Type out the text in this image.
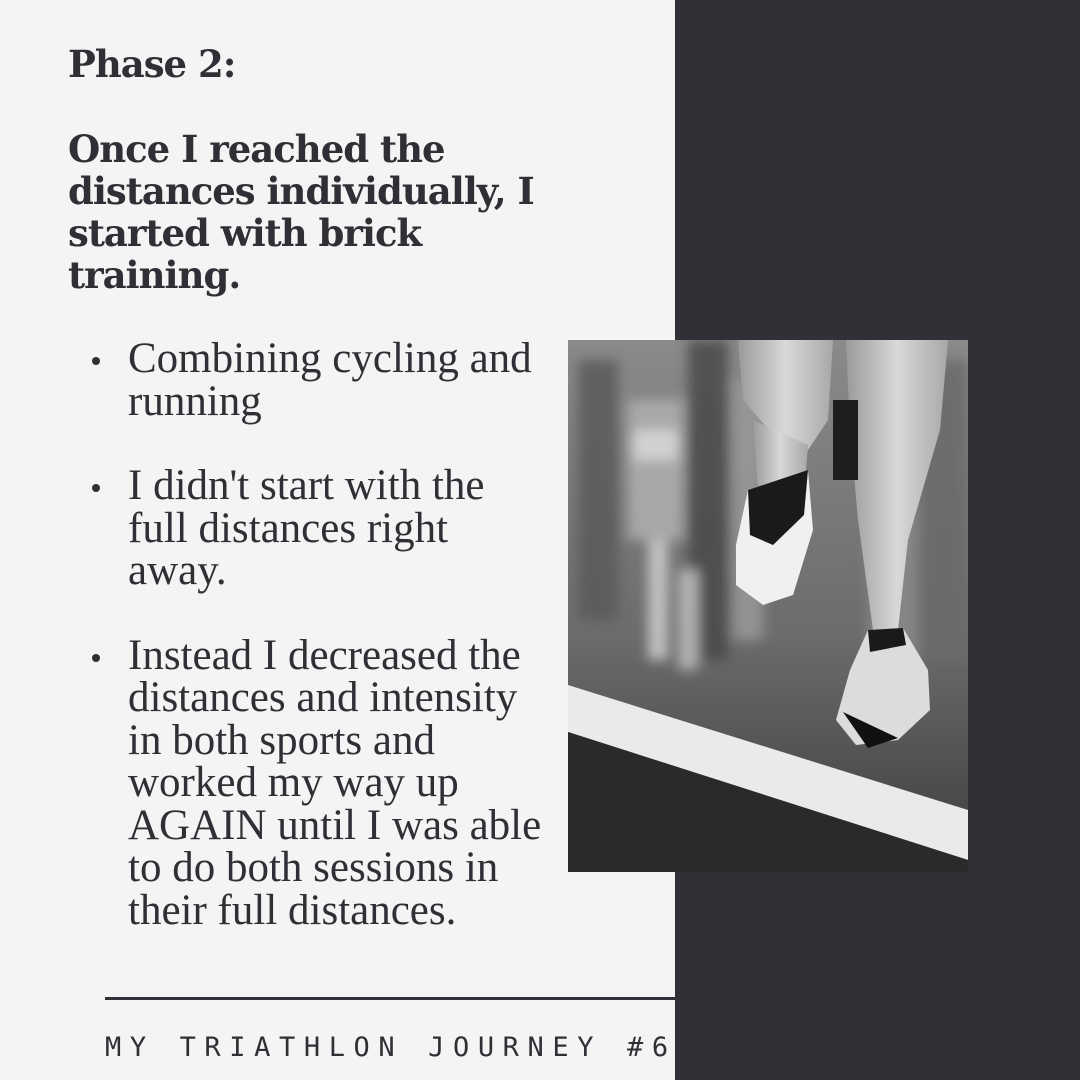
Phase 2:
Once I reached the distances individually, I started with brick training.
Combining cycling and running
I didn't start with the full distances right away.
Instead I decreased the distances and intensity in both sports and worked my way up AGAIN until I was able to do both sessions in their full distances.
MY TRIATHLON JOURNEY #6
